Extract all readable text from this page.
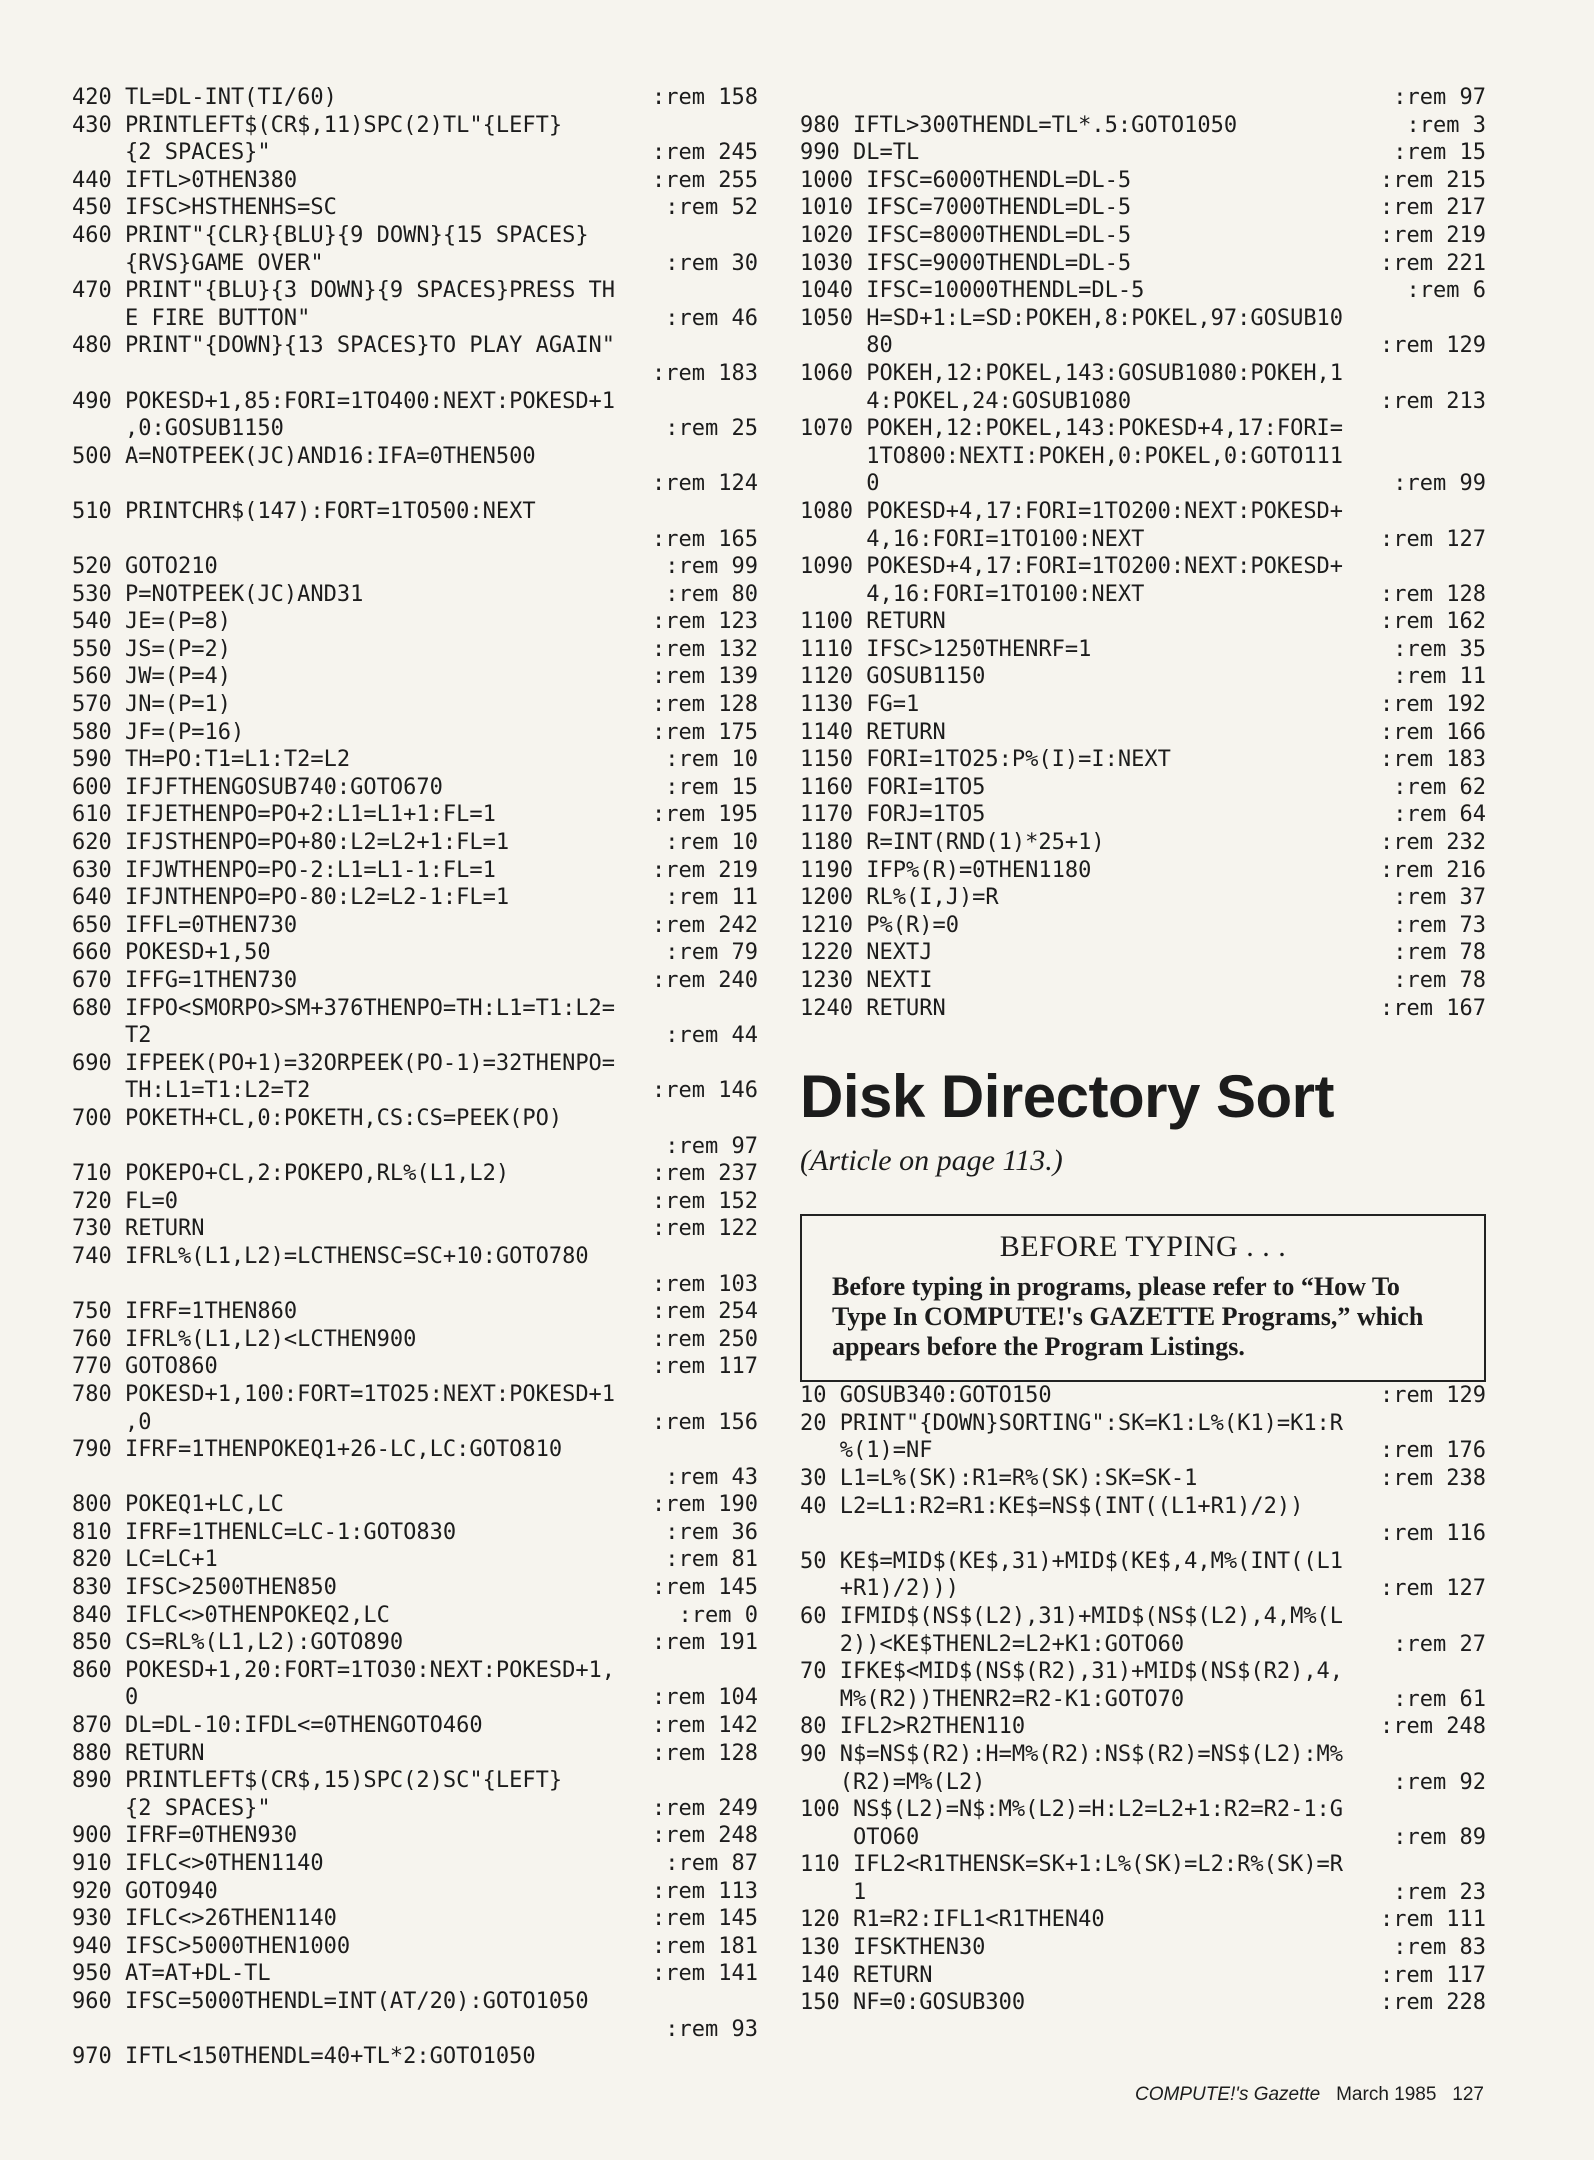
420 TL=DL-INT(TI/60)	:rem 158
430 PRINTLEFT$(CR$,11)SPC(2)TL"{LEFT}
{2 SPACES}"	:rem 245
440 IFTL>0THEN380	:rem 255
450 IFSC>HSTHENHS=SC	:rem 52
460 PRINT"{CLR}{BLU}{9 DOWN}{15 SPACES}
{RVS}GAME OVER"	:rem 30
470 PRINT"{BLU}{3 DOWN}{9 SPACES}PRESS TH
E FIRE BUTTON"	:rem 46
480 PRINT"{DOWN}{13 SPACES}TO PLAY AGAIN"
:rem 183
490 POKESD+1,85:FORI=1TO400:NEXT:POKESD+1
,0:GOSUB1150	:rem 25
500 A=NOTPEEK(JC)AND16:IFA=0THEN500
:rem 124
510 PRINTCHR$(147):FORT=1TO500:NEXT
:rem 165
520 GOTO210	:rem 99
530 P=NOTPEEK(JC)AND31	:rem 80
540 JE=(P=8)	:rem 123
550 JS=(P=2)	:rem 132
560 JW=(P=4)	:rem 139
570 JN=(P=1)	:rem 128
580 JF=(P=16)	:rem 175
590 TH=PO:T1=L1:T2=L2	:rem 10
600 IFJFTHENGOSUB740:GOTO670	:rem 15
610 IFJETHENPO=PO+2:L1=L1+1:FL=1	:rem 195
620 IFJSTHENPO=PO+80:L2=L2+1:FL=1	:rem 10
630 IFJWTHENPO=PO-2:L1=L1-1:FL=1	:rem 219
640 IFJNTHENPO=PO-80:L2=L2-1:FL=1	:rem 11
650 IFFL=0THEN730	:rem 242
660 POKESD+1,50	:rem 79
670 IFFG=1THEN730	:rem 240
680 IFPO<SMORPO>SM+376THENPO=TH:L1=T1:L2=
T2	:rem 44
690 IFPEEK(PO+1)=32ORPEEK(PO-1)=32THENPO=
TH:L1=T1:L2=T2	:rem 146
700 POKETH+CL,0:POKETH,CS:CS=PEEK(PO)
:rem 97
710 POKEPO+CL,2:POKEPO,RL%(L1,L2)	:rem 237
720 FL=0	:rem 152
730 RETURN	:rem 122
740 IFRL%(L1,L2)=LCTHENSC=SC+10:GOTO780
:rem 103
750 IFRF=1THEN860	:rem 254
760 IFRL%(L1,L2)<LCTHEN900	:rem 250
770 GOTO860	:rem 117
780 POKESD+1,100:FORT=1TO25:NEXT:POKESD+1
,0	:rem 156
790 IFRF=1THENPOKEQ1+26-LC,LC:GOTO810
:rem 43
800 POKEQ1+LC,LC	:rem 190
810 IFRF=1THENLC=LC-1:GOTO830	:rem 36
820 LC=LC+1	:rem 81
830 IFSC>2500THEN850	:rem 145
840 IFLC<>0THENPOKEQ2,LC	:rem 0
850 CS=RL%(L1,L2):GOTO890	:rem 191
860 POKESD+1,20:FORT=1TO30:NEXT:POKESD+1,
0	:rem 104
870 DL=DL-10:IFDL<=0THENGOTO460	:rem 142
880 RETURN	:rem 128
890 PRINTLEFT$(CR$,15)SPC(2)SC"{LEFT}
{2 SPACES}"	:rem 249
900 IFRF=0THEN930	:rem 248
910 IFLC<>0THEN1140	:rem 87
920 GOTO940	:rem 113
930 IFLC<>26THEN1140	:rem 145
940 IFSC>5000THEN1000	:rem 181
950 AT=AT+DL-TL	:rem 141
960 IFSC=5000THENDL=INT(AT/20):GOTO1050
:rem 93
970 IFTL<150THENDL=40+TL*2:GOTO1050
:rem 97
980 IFTL>300THENDL=TL*.5:GOTO1050	:rem 3
990 DL=TL	:rem 15
1000 IFSC=6000THENDL=DL-5	:rem 215
1010 IFSC=7000THENDL=DL-5	:rem 217
1020 IFSC=8000THENDL=DL-5	:rem 219
1030 IFSC=9000THENDL=DL-5	:rem 221
1040 IFSC=10000THENDL=DL-5	:rem 6
1050 H=SD+1:L=SD:POKEH,8:POKEL,97:GOSUB10
80	:rem 129
1060 POKEH,12:POKEL,143:GOSUB1080:POKEH,1
4:POKEL,24:GOSUB1080	:rem 213
1070 POKEH,12:POKEL,143:POKESD+4,17:FORI=
1TO800:NEXTI:POKEH,0:POKEL,0:GOTO111
0	:rem 99
1080 POKESD+4,17:FORI=1TO200:NEXT:POKESD+
4,16:FORI=1TO100:NEXT	:rem 127
1090 POKESD+4,17:FORI=1TO200:NEXT:POKESD+
4,16:FORI=1TO100:NEXT	:rem 128
1100 RETURN	:rem 162
1110 IFSC>1250THENRF=1	:rem 35
1120 GOSUB1150	:rem 11
1130 FG=1	:rem 192
1140 RETURN	:rem 166
1150 FORI=1TO25:P%(I)=I:NEXT	:rem 183
1160 FORI=1TO5	:rem 62
1170 FORJ=1TO5	:rem 64
1180 R=INT(RND(1)*25+1)	:rem 232
1190 IFP%(R)=0THEN1180	:rem 216
1200 RL%(I,J)=R	:rem 37
1210 P%(R)=0	:rem 73
1220 NEXTJ	:rem 78
1230 NEXTI	:rem 78
1240 RETURN	:rem 167
Disk Directory Sort
(Article on page 113.)
BEFORE TYPING . . .
Before typing in programs, please refer to “How To Type In COMPUTE!'s GAZETTE Programs,” which appears before the Program Listings.
10 GOSUB340:GOTO150	:rem 129
20 PRINT"{DOWN}SORTING":SK=K1:L%(K1)=K1:R
%(1)=NF	:rem 176
30 L1=L%(SK):R1=R%(SK):SK=SK-1	:rem 238
40 L2=L1:R2=R1:KE$=NS$(INT((L1+R1)/2))
:rem 116
50 KE$=MID$(KE$,31)+MID$(KE$,4,M%(INT((L1
+R1)/2)))	:rem 127
60 IFMID$(NS$(L2),31)+MID$(NS$(L2),4,M%(L
2))<KE$THENL2=L2+K1:GOTO60	:rem 27
70 IFKE$<MID$(NS$(R2),31)+MID$(NS$(R2),4,
M%(R2))THENR2=R2-K1:GOTO70	:rem 61
80 IFL2>R2THEN110	:rem 248
90 N$=NS$(R2):H=M%(R2):NS$(R2)=NS$(L2):M%
(R2)=M%(L2)	:rem 92
100 NS$(L2)=N$:M%(L2)=H:L2=L2+1:R2=R2-1:G
OTO60	:rem 89
110 IFL2<R1THENSK=SK+1:L%(SK)=L2:R%(SK)=R
1	:rem 23
120 R1=R2:IFL1<R1THEN40	:rem 111
130 IFSKTHEN30	:rem 83
140 RETURN	:rem 117
150 NF=0:GOSUB300	:rem 228
COMPUTE!'s Gazette March 1985 127
